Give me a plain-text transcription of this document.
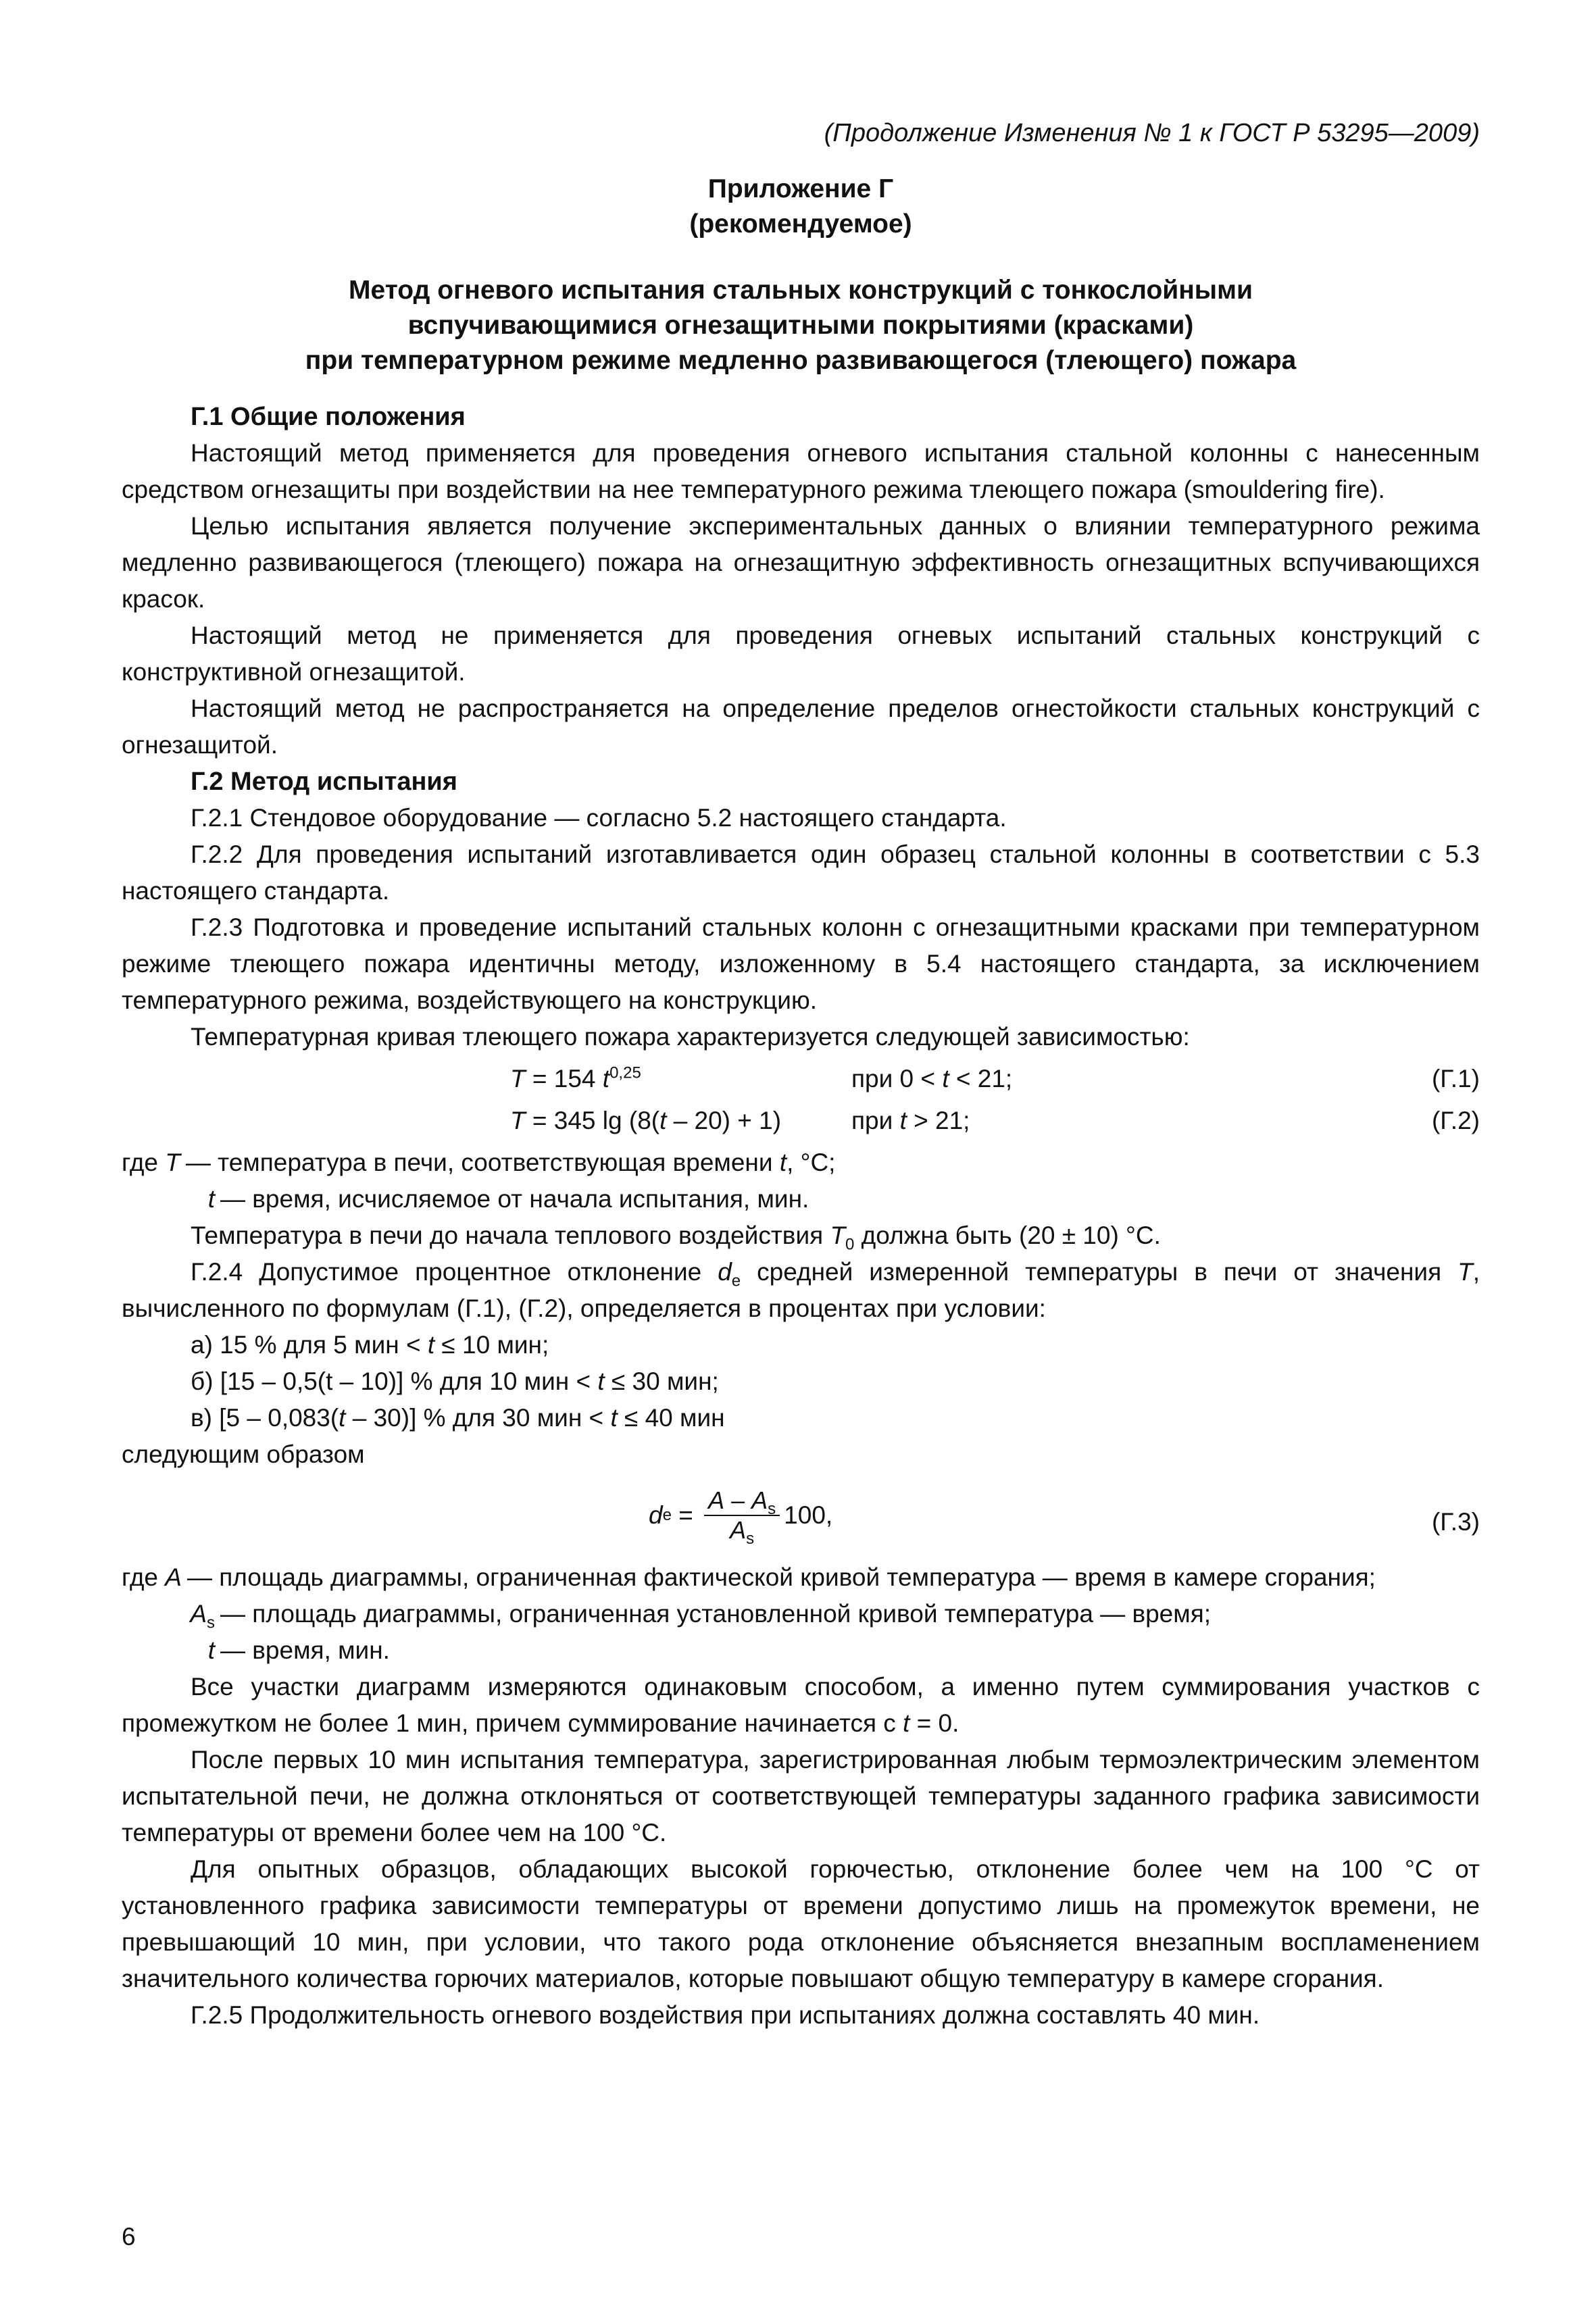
(Продолжение Изменения № 1 к ГОСТ Р 53295—2009)
Приложение Г
(рекомендуемое)
Метод огневого испытания стальных конструкций с тонкослойными
вспучивающимися огнезащитными покрытиями (красками)
при температурном режиме медленно развивающегося (тлеющего) пожара
Г.1 Общие положения

Настоящий метод применяется для проведения огневого испытания стальной колонны с нанесенным средством огнезащиты при воздействии на нее температурного режима тлеющего пожара (smouldering fire).

Целью испытания является получение экспериментальных данных о влиянии температурного режима медленно развивающегося (тлеющего) пожара на огнезащитную эффективность огнезащитных вспучивающихся красок.

Настоящий метод не применяется для проведения огневых испытаний стальных конструкций с конструктивной огнезащитой.

Настоящий метод не распространяется на определение пределов огнестойкости стальных конструкций с огнезащитой.

Г.2 Метод испытания

Г.2.1 Стендовое оборудование — согласно 5.2 настоящего стандарта.

Г.2.2 Для проведения испытаний изготавливается один образец стальной колонны в соответствии с 5.3 настоящего стандарта.

Г.2.3 Подготовка и проведение испытаний стальных колонн с огнезащитными красками при температурном режиме тлеющего пожара идентичны методу, изложенному в 5.4 настоящего стандарта, за исключением температурного режима, воздействующего на конструкцию.

Температурная кривая тлеющего пожара характеризуется следующей зависимостью:

T = 154 $t^{0,25}$	при 0 < t < 21;	(Г.1)
T = 345 lg (8(t – 20) + 1)	при t > 21;	(Г.2)
где T — температура в печи, соответствующая времени t, °C;
t — время, исчисляемое от начала испытания, мин.

Температура в печи до начала теплового воздействия $T_0$ должна быть (20 ± 10) °С.

Г.2.4 Допустимое процентное отклонение $d_e$ средней измеренной температуры в печи от значения T, вычисленного по формулам (Г.1), (Г.2), определяется в процентах при условии:

а) 15 % для 5 мин < t ≤ 10 мин;

б) [15 – 0,5(t – 10)] % для 10 мин < t ≤ 30 мин;

в) [5 – 0,083(t – 30)] % для 30 мин < t ≤ 40 мин

следующим образом

d $e = \frac{A - A_s}{A_s} 100$,	(Г.3)
где A — площадь диаграммы, ограниченная фактической кривой температура — время в камере сгорания;
$A_s$ — площадь диаграммы, ограниченная установленной кривой температура — время;
t — время, мин.

Все участки диаграмм измеряются одинаковым способом, а именно путем суммирования участков с промежутком не более 1 мин, причем суммирование начинается с t = 0.

После первых 10 мин испытания температура, зарегистрированная любым термоэлектрическим элементом испытательной печи, не должна отклоняться от соответствующей температуры заданного графика зависимости температуры от времени более чем на 100 °С.

Для опытных образцов, обладающих высокой горючестью, отклонение более чем на 100 °С от установленного графика зависимости температуры от времени допустимо лишь на промежуток времени, не превышающий 10 мин, при условии, что такого рода отклонение объясняется внезапным воспламенением значительного количества горючих материалов, которые повышают общую температуру в камере сгорания.

Г.2.5 Продолжительность огневого воздействия при испытаниях должна составлять 40 мин.

6
